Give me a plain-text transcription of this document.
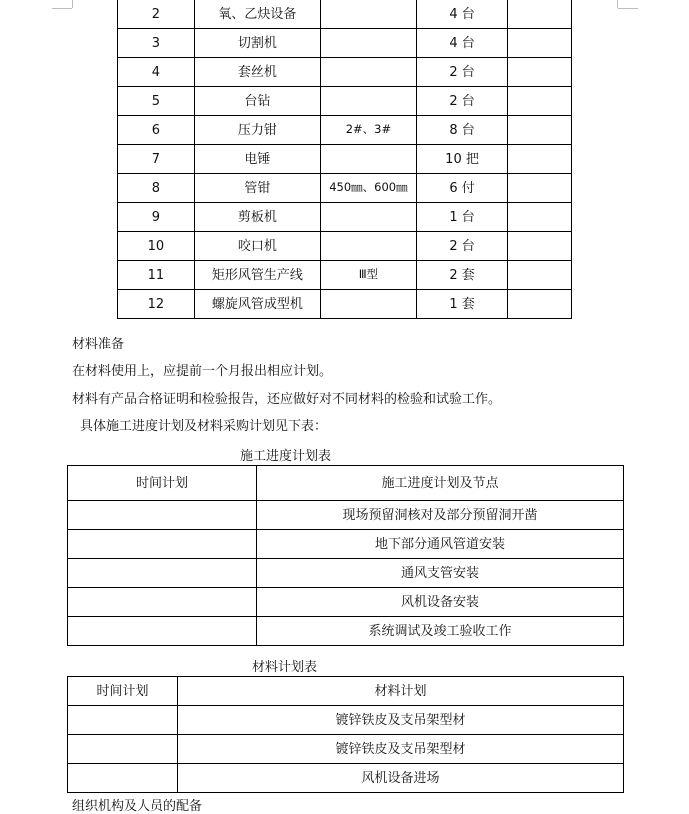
2	氧、乙炔设备		4 台	
3	切割机		4 台	
4	套丝机		2 台	
5	台钻		2 台	
6	压力钳	2#、3#	8 台	
7	电锤		10 把	
8	管钳	450㎜、600㎜	6 付	
9	剪板机		1 台	
10	咬口机		2 台	
11	矩形风管生产线	Ⅲ型	2 套	
12	螺旋风管成型机		1 套	
材料准备
在材料使用上，应提前一个月报出相应计划。
材料有产品合格证明和检验报告，还应做好对不同材料的检验和试验工作。
具体施工进度计划及材料采购计划见下表：
施工进度计划表
时间计划	施工进度计划及节点
	现场预留洞核对及部分预留洞开凿
	地下部分通风管道安装
	通风支管安装
	风机设备安装
	系统调试及竣工验收工作
材料计划表
时间计划	材料计划
	镀锌铁皮及支吊架型材
	镀锌铁皮及支吊架型材
	风机设备进场
组织机构及人员的配备
